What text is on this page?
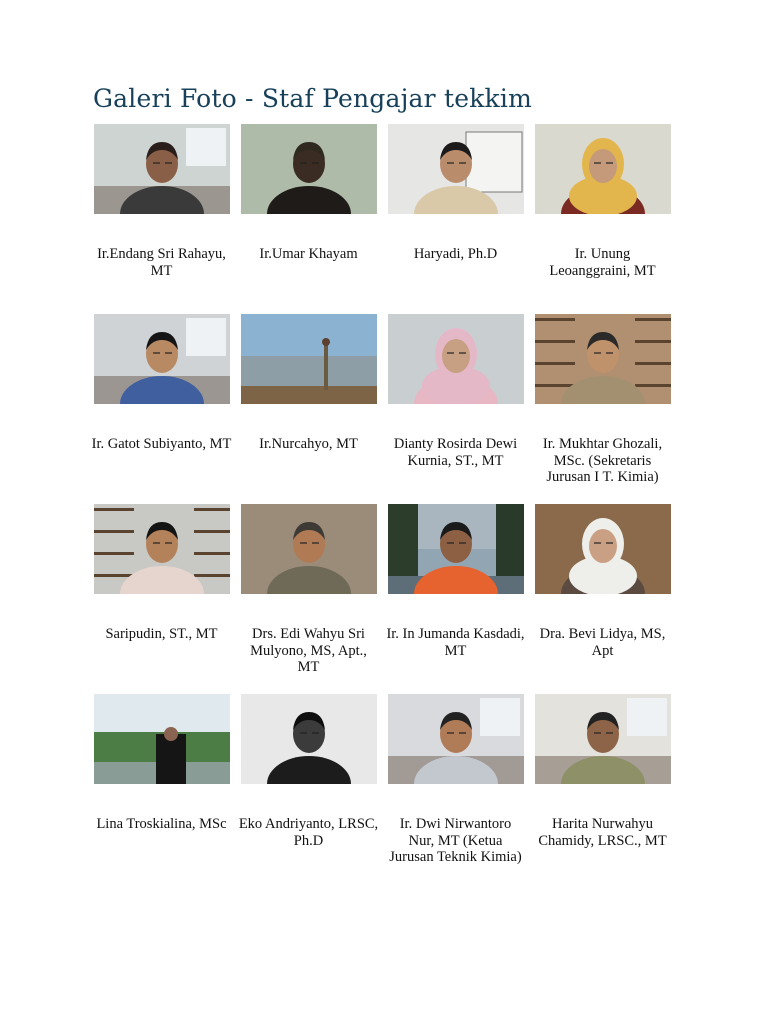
Galeri Foto - Staf Pengajar tekkim
Ir.Endang Sri Rahayu, MT
Ir.Umar Khayam	Haryadi, Ph.D	Ir. Unung Leoanggraini, MT
Ir. Gatot Subiyanto, MT	Ir.Nurcahyo, MT	Dianty Rosirda Dewi Kurnia, ST., MT
Ir. Mukhtar Ghozali, MSc. (Sekretaris Jurusan I T. Kimia)
Saripudin, ST., MT	Drs. Edi Wahyu Sri Mulyono, MS, Apt., MT
Ir. In Jumanda Kasdadi, MT
Dra. Bevi Lidya, MS, Apt
Lina Troskialina, MSc Eko Andriyanto, LRSC, Ph.D
Ir. Dwi Nirwantoro Nur, MT (Ketua Jurusan Teknik Kimia)
Harita Nurwahyu Chamidy, LRSC., MT
